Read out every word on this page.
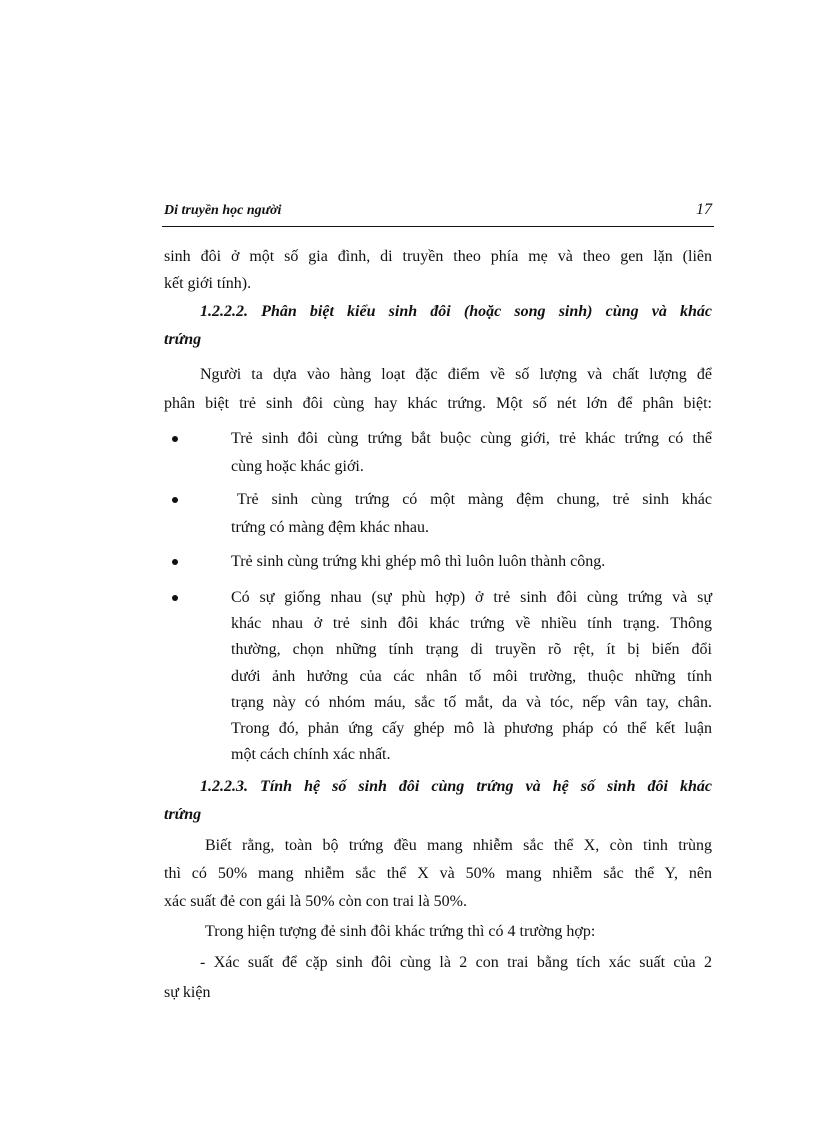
Di truyền học người	17
sinh đôi ở một số gia đình, di truyền theo phía mẹ và theo gen lặn (liên
kết giới tính).
1.2.2.2. Phân biệt kiểu sinh đôi (hoặc song sinh) cùng và khác
trứng
Người ta dựa vào hàng loạt đặc điểm về số lượng và chất lượng để
phân biệt trẻ sinh đôi cùng hay khác trứng. Một số nét lớn để phân biệt:
Trẻ sinh đôi cùng trứng bắt buộc cùng giới, trẻ khác trứng có thể
cùng hoặc khác giới.
Trẻ sinh cùng trứng có một màng đệm chung, trẻ sinh khác
trứng có màng đệm khác nhau.
Trẻ sinh cùng trứng khi ghép mô thì luôn luôn thành công.
Có sự giống nhau (sự phù hợp) ở trẻ sinh đôi cùng trứng và sự
khác nhau ở trẻ sinh đôi khác trứng về nhiều tính trạng. Thông
thường, chọn những tính trạng di truyền rõ rệt, ít bị biến đổi
dưới ảnh hưởng của các nhân tố môi trường, thuộc những tính
trạng này có nhóm máu, sắc tố mắt, da và tóc, nếp vân tay, chân.
Trong đó, phản ứng cấy ghép mô là phương pháp có thể kết luận
một cách chính xác nhất.
1.2.2.3. Tính hệ số sinh đôi cùng trứng và hệ số sinh đôi khác
trứng
Biết rằng, toàn bộ trứng đều mang nhiễm sắc thể X, còn tinh trùng
thì có 50% mang nhiễm sắc thể X và 50% mang nhiễm sắc thể Y, nên
xác suất đẻ con gái là 50% còn con trai là 50%.
Trong hiện tượng đẻ sinh đôi khác trứng thì có 4 trường hợp:
- Xác suất để cặp sinh đôi cùng là 2 con trai bằng tích xác suất của 2
sự kiện
